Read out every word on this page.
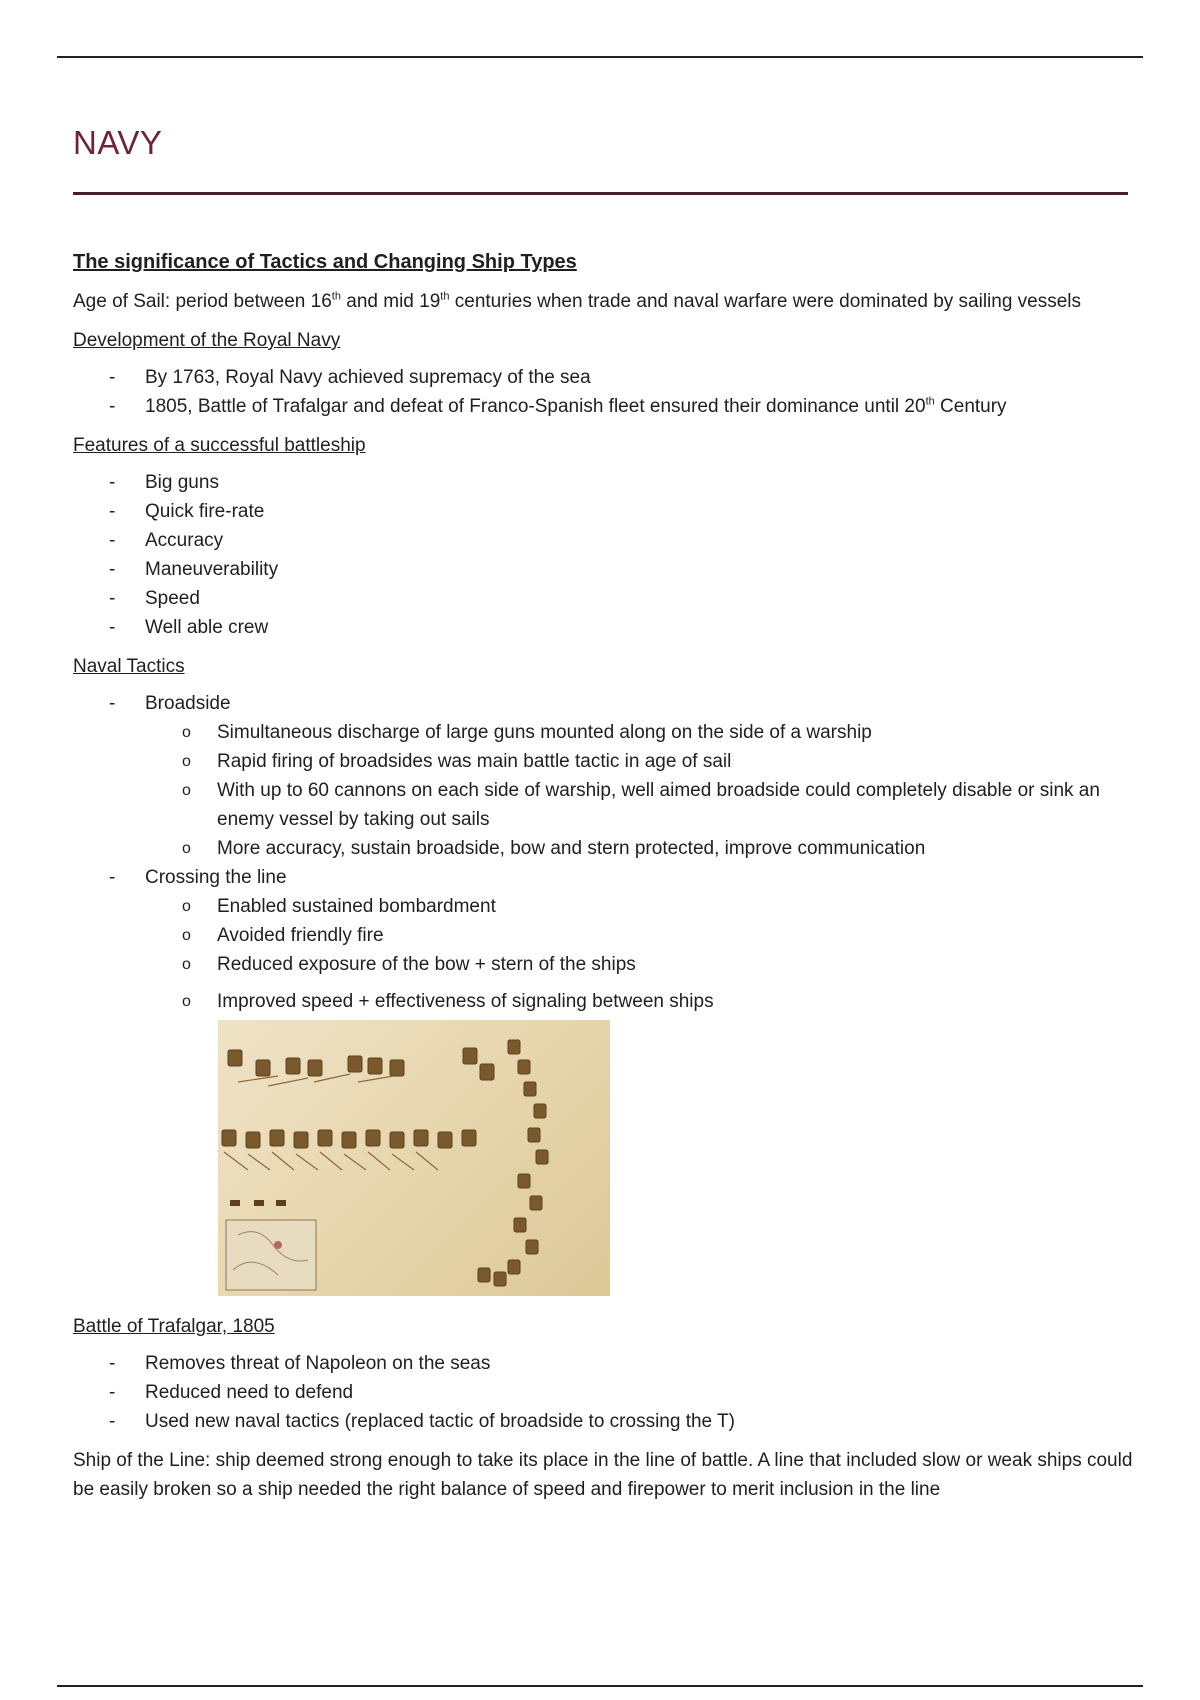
NAVY
The significance of Tactics and Changing Ship Types

Age of Sail: period between 16th and mid 19th centuries when trade and naval warfare were dominated by sailing vessels

Development of the Royal Navy
- By 1763, Royal Navy achieved supremacy of the sea
- 1805, Battle of Trafalgar and defeat of Franco-Spanish fleet ensured their dominance until 20th Century
Features of a successful battleship
- Big guns
- Quick fire-rate
- Accuracy
- Maneuverability
- Speed
- Well able crew
Naval Tactics
- Broadside
o Simultaneous discharge of large guns mounted along on the side of a warship
o Rapid firing of broadsides was main battle tactic in age of sail
o With up to 60 cannons on each side of warship, well aimed broadside could completely disable or sink an enemy vessel by taking out sails
o More accuracy, sustain broadside, bow and stern protected, improve communication
- Crossing the line
o Enabled sustained bombardment
o Avoided friendly fire
o Reduced exposure of the bow + stern of the ships
o Improved speed + effectiveness of signaling between ships
Battle of Trafalgar, 1805
- Removes threat of Napoleon on the seas
- Reduced need to defend
- Used new naval tactics (replaced tactic of broadside to crossing the T)

Ship of the Line: ship deemed strong enough to take its place in the line of battle. A line that included slow or weak ships could be easily broken so a ship needed the right balance of speed and firepower to merit inclusion in the line
